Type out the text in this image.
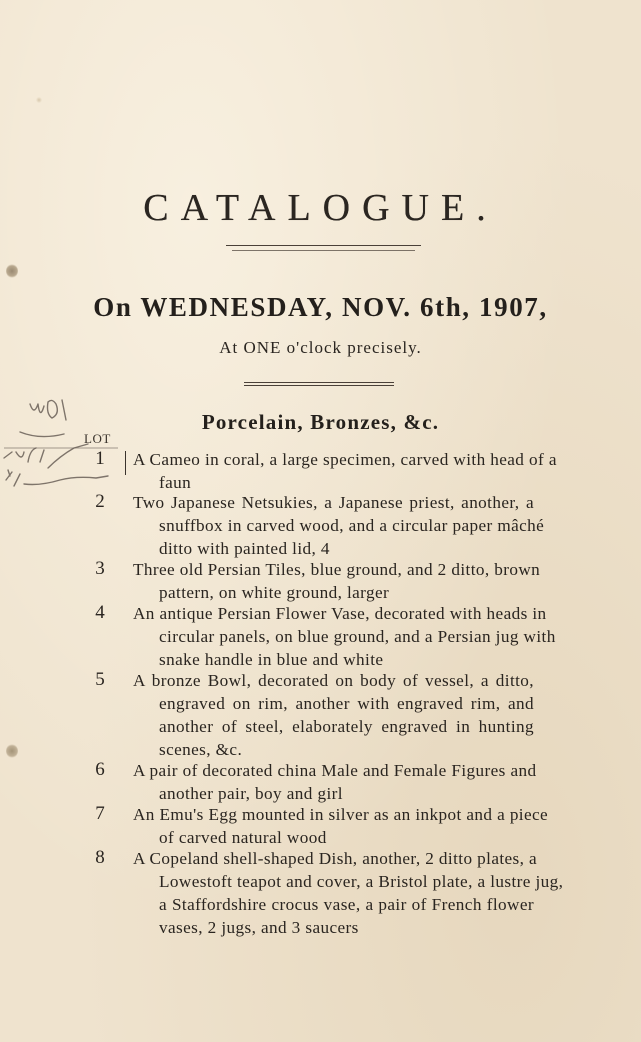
CATALOGUE.
On WEDNESDAY, NOV. 6th, 1907,
At ONE o'clock precisely.
Porcelain, Bronzes, &c.
LOT
1	A Cameo in coral, a large specimen, carved with head of a
faun
2	Two Japanese Netsukies, a Japanese priest, another, a
snuffbox in carved wood, and a circular paper mâché
ditto with painted lid, 4
3	Three old Persian Tiles, blue ground, and 2 ditto, brown
pattern, on white ground, larger
4	An antique Persian Flower Vase, decorated with heads in
circular panels, on blue ground, and a Persian jug with
snake handle in blue and white
5	A bronze Bowl, decorated on body of vessel, a ditto,
engraved on rim, another with engraved rim, and
another of steel, elaborately engraved in hunting
scenes, &c.
6	A pair of decorated china Male and Female Figures and
another pair, boy and girl
7	An Emu's Egg mounted in silver as an inkpot and a piece
of carved natural wood
8	A Copeland shell-shaped Dish, another, 2 ditto plates, a
Lowestoft teapot and cover, a Bristol plate, a lustre jug,
a Staffordshire crocus vase, a pair of French flower
vases, 2 jugs, and 3 saucers
